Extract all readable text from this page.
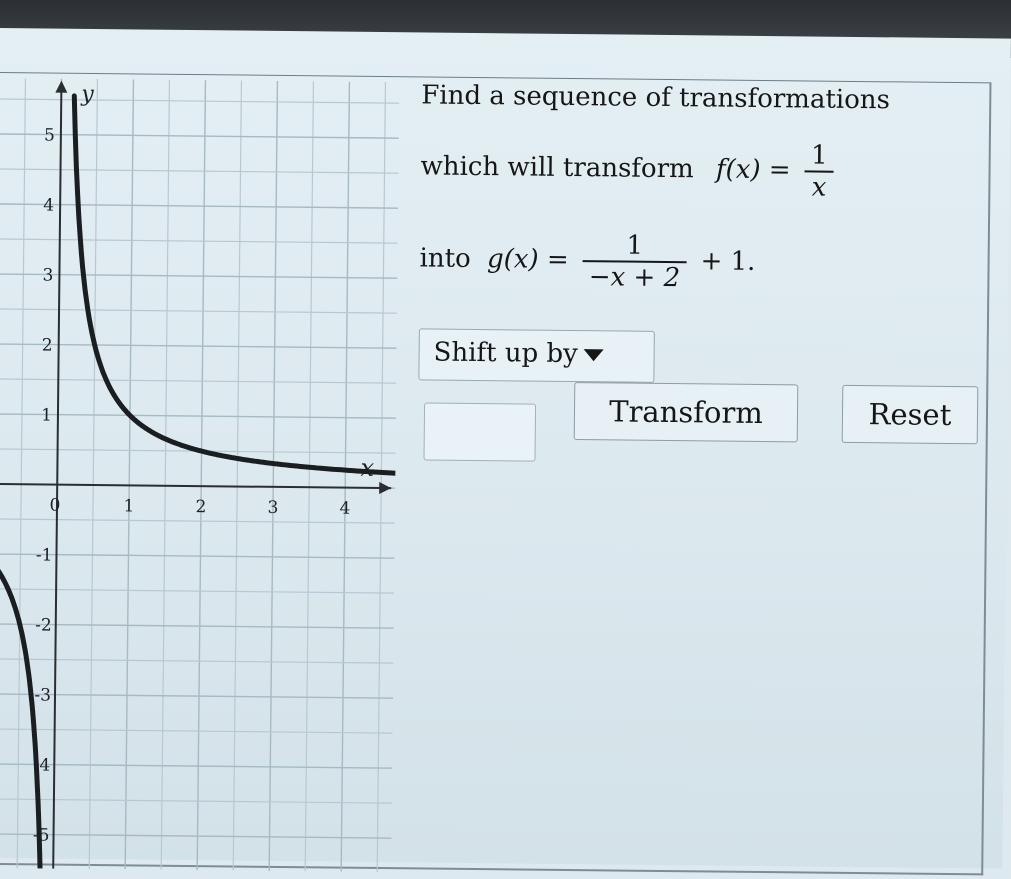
0	1	2	3	4
5
4
3
2
1
-1
-2
-3
-4
-5
x
y	Find a sequence of transformations
which will transform $f(x) = \frac{1}{x}$
into $g(x) = \frac{1}{-x + 2} + 1$.
Shift up by
Transform	Reset
